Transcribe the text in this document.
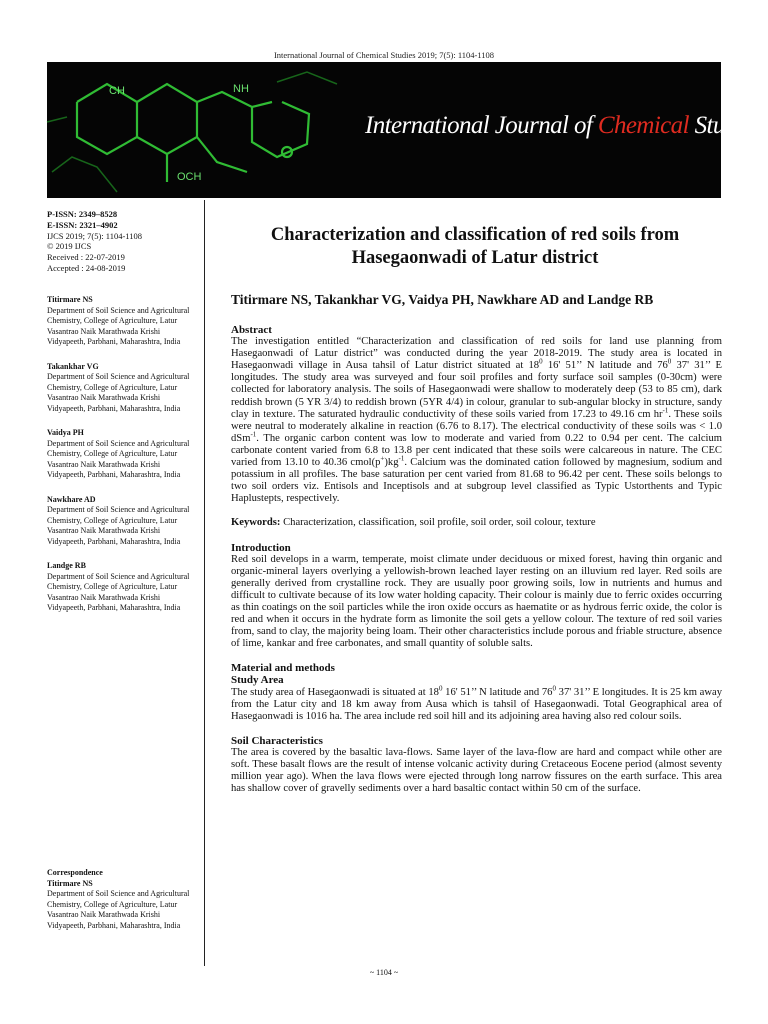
International Journal of Chemical Studies 2019; 7(5): 1104-1108
CH	NH
OCH
International Journal of Chemical Studies
P-ISSN: 2349–8528
E-ISSN: 2321–4902
IJCS 2019; 7(5): 1104-1108
© 2019 IJCS
Received : 22-07-2019
Accepted : 24-08-2019
Titirmare NS
Department of Soil Science and Agricultural Chemistry, College of Agriculture, Latur Vasantrao Naik Marathwada Krishi Vidyapeeth, Parbhani, Maharashtra, India
Takankhar VG
Department of Soil Science and Agricultural Chemistry, College of Agriculture, Latur Vasantrao Naik Marathwada Krishi Vidyapeeth, Parbhani, Maharashtra, India
Vaidya PH
Department of Soil Science and Agricultural Chemistry, College of Agriculture, Latur Vasantrao Naik Marathwada Krishi Vidyapeeth, Parbhani, Maharashtra, India
Nawkhare AD
Department of Soil Science and Agricultural Chemistry, College of Agriculture, Latur Vasantrao Naik Marathwada Krishi Vidyapeeth, Parbhani, Maharashtra, India
Landge RB
Department of Soil Science and Agricultural Chemistry, College of Agriculture, Latur Vasantrao Naik Marathwada Krishi Vidyapeeth, Parbhani, Maharashtra, India
Correspondence
Titirmare NS
Department of Soil Science and Agricultural Chemistry, College of Agriculture, Latur Vasantrao Naik Marathwada Krishi Vidyapeeth, Parbhani, Maharashtra, India
Characterization and classification of red soils from Hasegaonwadi of Latur district
Titirmare NS, Takankhar VG, Vaidya PH, Nawkhare AD and Landge RB
Abstract

The investigation entitled “Characterization and classification of red soils for land use planning from Hasegaonwadi of Latur district” was conducted during the year 2018-2019. The study area is located in Hasegaonwadi village in Ausa tahsil of Latur district situated at $18^0$ 16' 51’’ N latitude and $76^0$ 37' 31’’ E longitudes. The study area was surveyed and four soil profiles and forty surface soil samples (0-30cm) were collected for laboratory analysis. The soils of Hasegaonwadi were shallow to moderately deep (53 to 85 cm), dark reddish brown (5 YR 3/4) to reddish brown (5YR 4/4) in colour, granular to sub-angular blocky in structure, sandy clay in texture. The saturated hydraulic conductivity of these soils varied from 17.23 to 49.16 cm $hr^{-1}$. These soils were neutral to moderately alkaline in reaction (6.76 to 8.17). The electrical conductivity of these soils was < 1.0 dSm$^{-1}$. The organic carbon content was low to moderate and varied from 0.22 to 0.94 per cent. The calcium carbonate content varied from 6.8 to 13.8 per cent indicated that these soils were calcareous in nature. The CEC varied from 13.10 to 40.36 $cmol(p^+)kg^{-1}$. Calcium was the dominated cation followed by magnesium, sodium and potassium in all profiles. The base saturation per cent varied from 81.68 to 96.42 per cent. These soils belongs to two soil orders viz. Entisols and Inceptisols and at subgroup level classified as Typic Ustorthents and Typic Haplustepts, respectively.

Keywords: Characterization, classification, soil profile, soil order, soil colour, texture

Introduction

Red soil develops in a warm, temperate, moist climate under deciduous or mixed forest, having thin organic and organic-mineral layers overlying a yellowish-brown leached layer resting on an illuvium red layer. Red soils are generally derived from crystalline rock. They are usually poor growing soils, low in nutrients and humus and difficult to cultivate because of its low water holding capacity. Their colour is mainly due to ferric oxides occurring as thin coatings on the soil particles while the iron oxide occurs as haematite or as hydrous ferric oxide, the color is red and when it occurs in the hydrate form as limonite the soil gets a yellow colour. The texture of red soil varies from, sand to clay, the majority being loam. Their other characteristics include porous and friable structure, absence of lime, kankar and free carbonates, and small quantity of soluble salts.

Material and methods
Study Area

The study area of Hasegaonwadi is situated at $18^0$ 16' 51’’ N latitude and $76^0$ 37' 31’’ E longitudes. It is 25 km away from the Latur city and 18 km away from Ausa which is tahsil of Hasegaonwadi. Total Geographical area of Hasegaonwadi is 1016 ha. The area include red soil hill and its adjoining area having also red colour soils.

Soil Characteristics

The area is covered by the basaltic lava-flows. Same layer of the lava-flow are hard and compact while other are soft. These basalt flows are the result of intense volcanic activity during Cretaceous Eocene period (almost seventy million year ago). When the lava flows were ejected through long narrow fissures on the earth surface. This area has shallow cover of gravelly sediments over a hard basaltic contact within 50 cm of the surface.

~ 1104 ~
